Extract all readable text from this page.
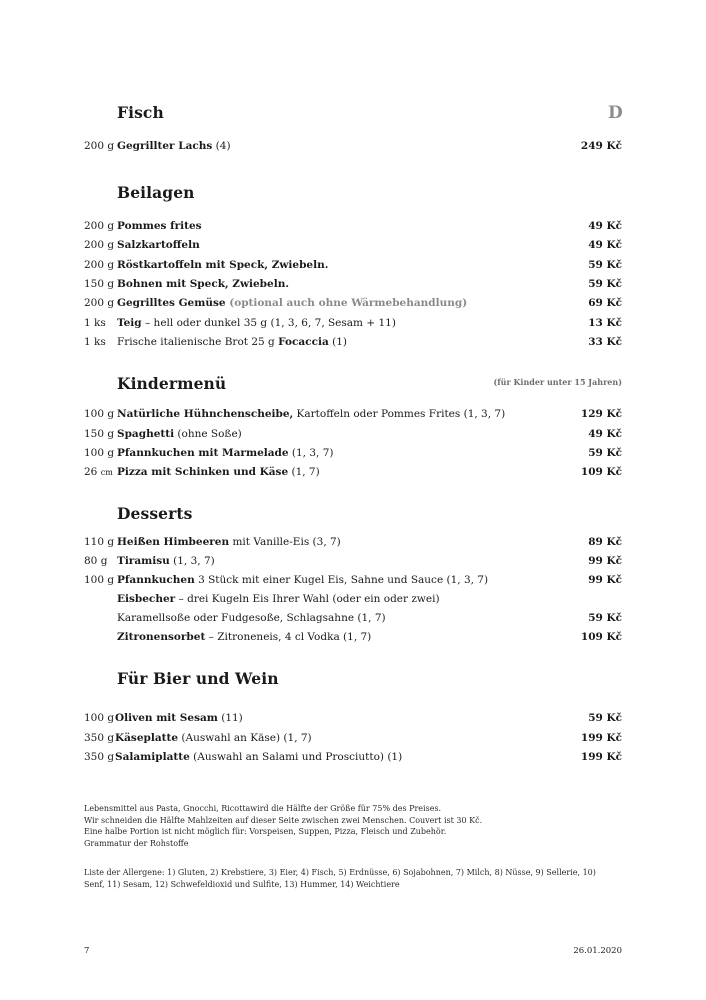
Fisch	D
200 g Gegrillter Lachs (4)	249 Kč
Beilagen
200 g Pommes frites	49 Kč
200 g Salzkartoffeln	49 Kč
200 g Röstkartoffeln mit Speck, Zwiebeln.	59 Kč
150 g Bohnen mit Speck, Zwiebeln.	59 Kč
200 g Gegrilltes Gemüse (optional auch ohne Wärmebehandlung)	69 Kč
1 ks Teig – hell oder dunkel 35 g (1, 3, 6, 7, Sesam + 11)	13 Kč
1 ks Frische italienische Brot 25 g Focaccia (1)	33 Kč
Kindermenü	(für Kinder unter 15 Jahren)
100 g Natürliche Hühnchenscheibe, Kartoffeln oder Pommes Frites (1, 3, 7)	129 Kč
150 g Spaghetti (ohne Soße)	49 Kč
100 g Pfannkuchen mit Marmelade (1, 3, 7)	59 Kč
26 cm Pizza mit Schinken und Käse (1, 7)	109 Kč
Desserts
110 g Heißen Himbeeren mit Vanille-Eis (3, 7)	89 Kč
80 g Tiramisu (1, 3, 7)	99 Kč
100 g Pfannkuchen 3 Stück mit einer Kugel Eis, Sahne und Sauce (1, 3, 7)	99 Kč
Eisbecher – drei Kugeln Eis Ihrer Wahl (oder ein oder zwei)
Karamellsoße oder Fudgesoße, Schlagsahne (1, 7)	59 Kč
Zitronensorbet – Zitroneneis, 4 cl Vodka (1, 7)	109 Kč
Für Bier und Wein
100 g Oliven mit Sesam (11)	59 Kč
350 g Käseplatte (Auswahl an Käse) (1, 7)	199 Kč
350 g Salamiplatte (Auswahl an Salami und Prosciutto) (1)	199 Kč
Lebensmittel aus Pasta, Gnocchi, Ricottawird die Hälfte der Größe für 75% des Preises.
Wir schneiden die Hälfte Mahlzeiten auf dieser Seite zwischen zwei Menschen. Couvert ist 30 Kč.
Eine halbe Portion ist nicht möglich für: Vorspeisen, Suppen, Pizza, Fleisch und Zubehör.
Grammatur der Rohstoffe
Liste der Allergene: 1) Gluten, 2) Krebstiere, 3) Eier, 4) Fisch, 5) Erdnüsse, 6) Sojabohnen, 7) Milch, 8) Nüsse, 9) Sellerie, 10)
Senf, 11) Sesam, 12) Schwefeldioxid und Sulfite, 13) Hummer, 14) Weichtiere
7	26.01.2020
